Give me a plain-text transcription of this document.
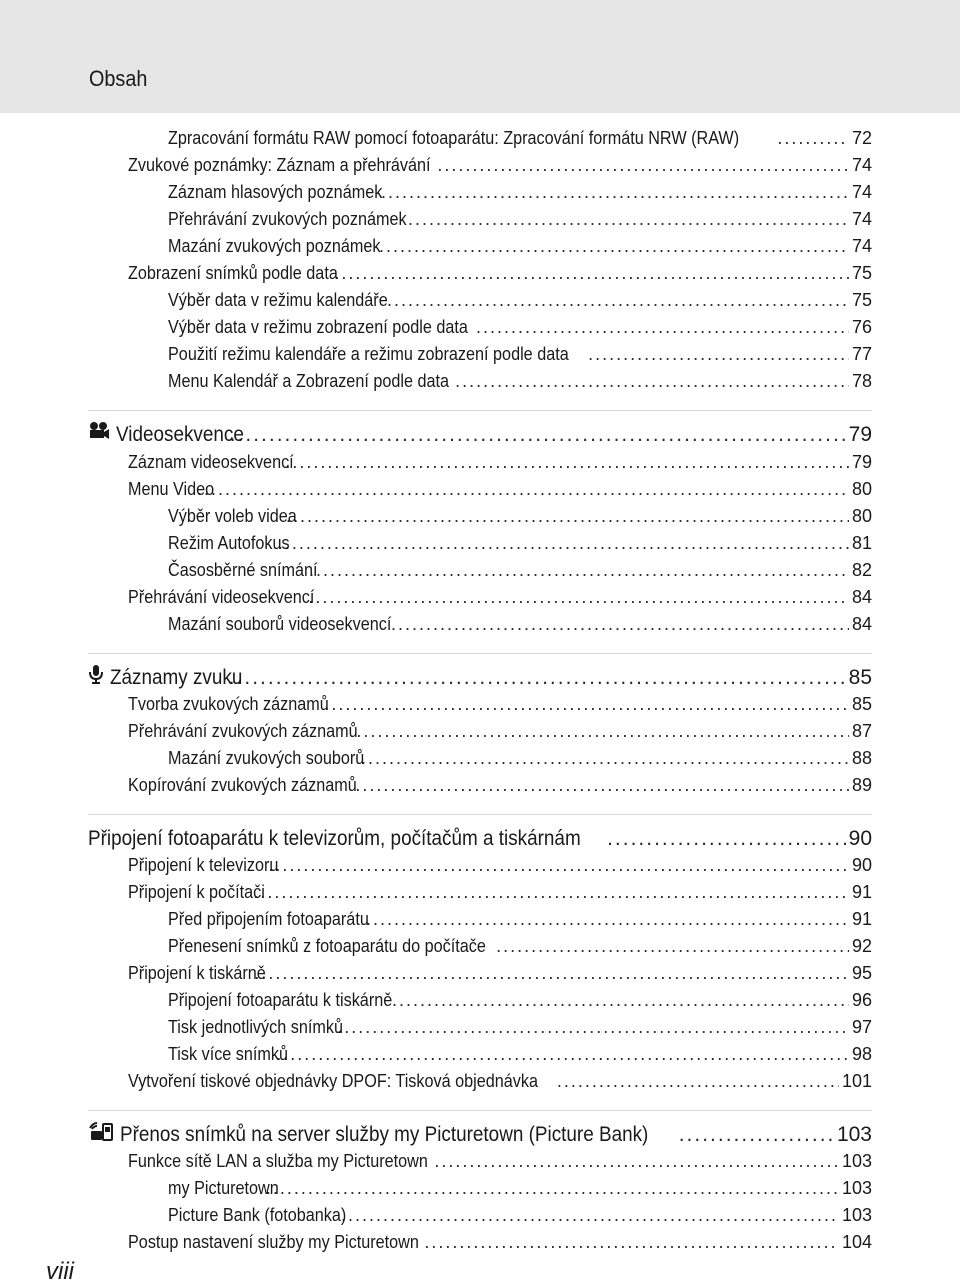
Obsah
Zpracování formátu RAW pomocí fotoaparátu: Zpracování formátu NRW (RAW) .....	72
Zvukové poznámky: Záznam a přehrávání .....	74
Záznam hlasových poznámek .....	74
Přehrávání zvukových poznámek .....	74
Mazání zvukových poznámek .....	74
Zobrazení snímků podle data .....	75
Výběr data v režimu kalendáře .....	75
Výběr data v režimu zobrazení podle data .....	76
Použití režimu kalendáře a režimu zobrazení podle data .....	77
Menu Kalendář a Zobrazení podle data .....	78
Videosekvence .....	79
Záznam videosekvencí .....	79
Menu Video .....	80
Výběr voleb videa .....	80
Režim Autofokus .....	81
Časosběrné snímání .....	82
Přehrávání videosekvencí .....	84
Mazání souborů videosekvencí .....	84
Záznamy zvuku .....	85
Tvorba zvukových záznamů .....	85
Přehrávání zvukových záznamů .....	87
Mazání zvukových souborů .....	88
Kopírování zvukových záznamů .....	89
Připojení fotoaparátu k televizorům, počítačům a tiskárnám .....	90
Připojení k televizoru .....	90
Připojení k počítači .....	91
Před připojením fotoaparátu .....	91
Přenesení snímků z fotoaparátu do počítače .....	92
Připojení k tiskárně .....	95
Připojení fotoaparátu k tiskárně .....	96
Tisk jednotlivých snímků .....	97
Tisk více snímků .....	98
Vytvoření tiskové objednávky DPOF: Tisková objednávka .....	101
Přenos snímků na server služby my Picturetown (Picture Bank) .....	103
Funkce sítě LAN a služba my Picturetown .....	103
my Picturetown .....	103
Picture Bank (fotobanka) .....	103
Postup nastavení služby my Picturetown .....	104
viii
